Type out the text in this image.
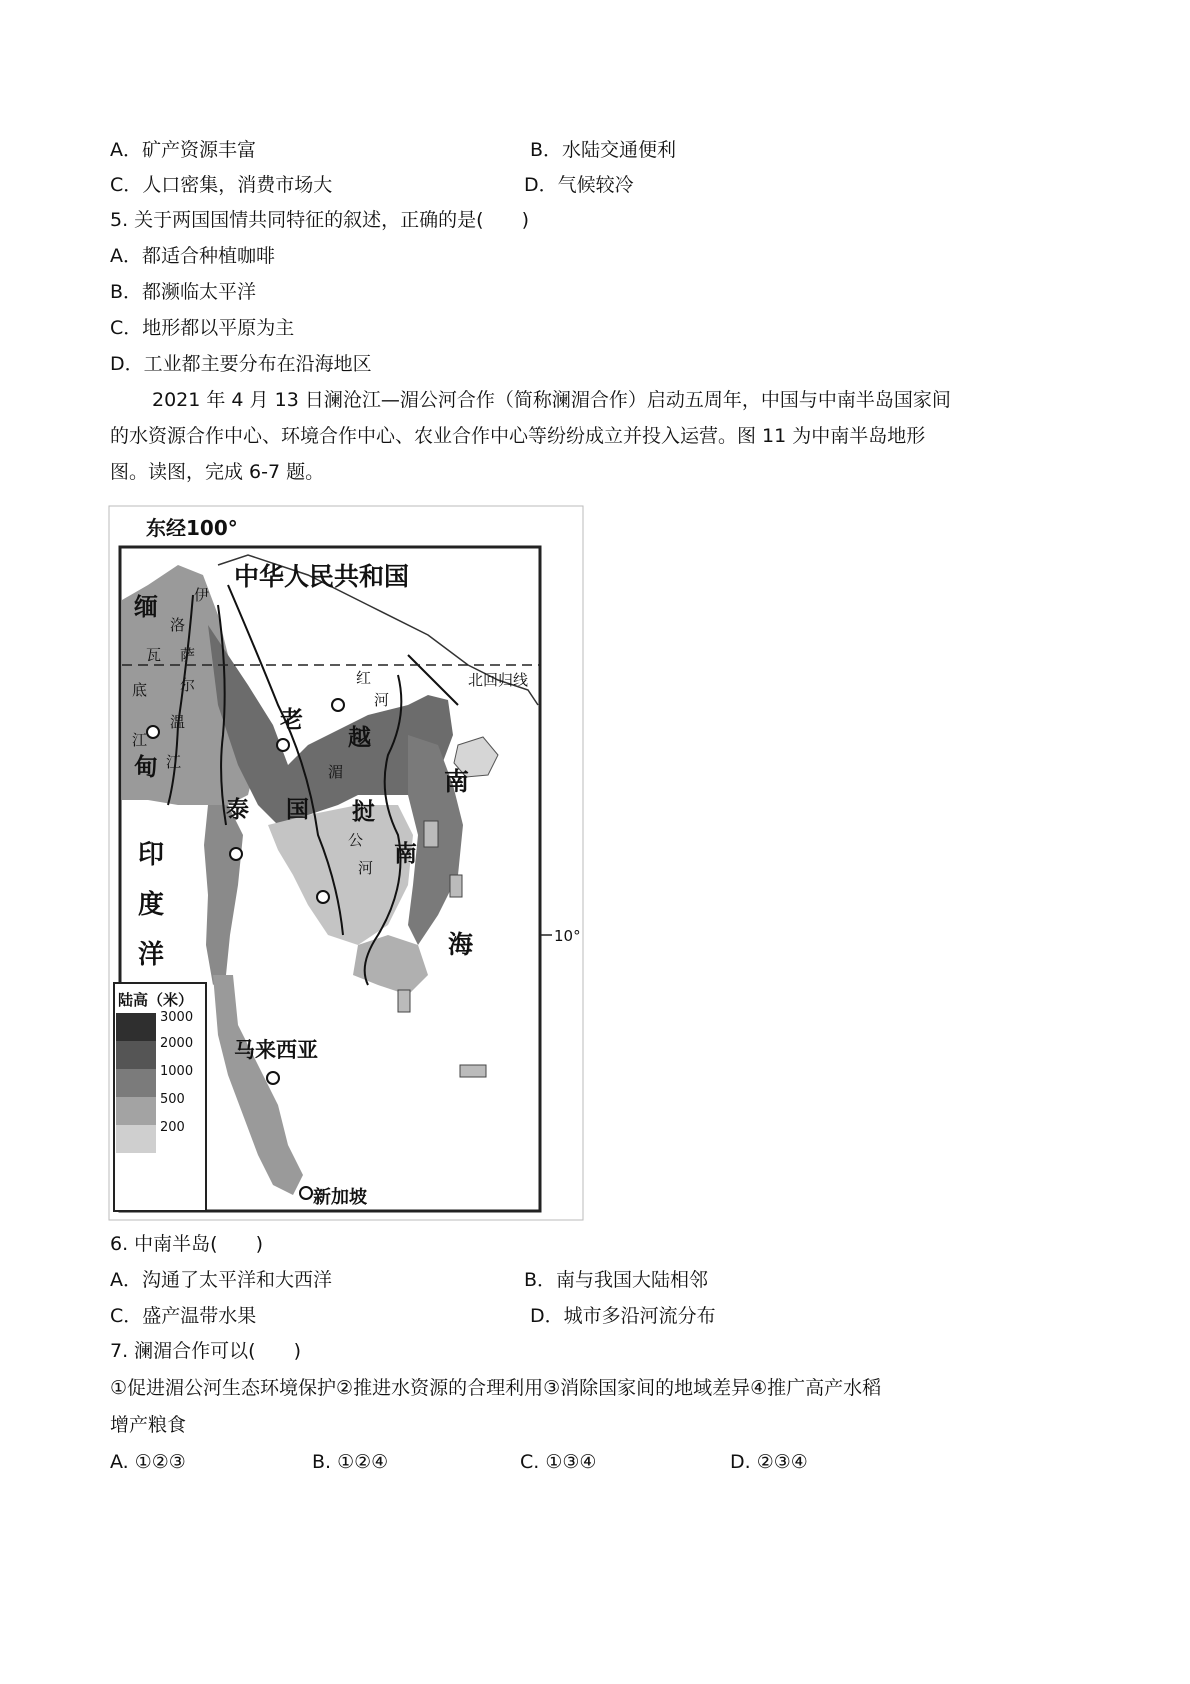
A．矿产资源丰富	B．水陆交通便利
C．人口密集，消费市场大	D．气候较冷
5. 关于两国国情共同特征的叙述，正确的是(　　)
A．都适合种植咖啡
B．都濒临太平洋
C．地形都以平原为主
D．工业都主要分布在沿海地区
2021 年 4 月 13 日澜沧江—湄公河合作（简称澜湄合作）启动五周年，中国与中南半岛国家间
的水资源合作中心、环境合作中心、农业合作中心等纷纷成立并投入运营。图 11 为中南半岛地形
图。读图，完成 6-7 题。
东经100°
北回归线
10°
中华人民共和国
缅
甸
伊
洛
瓦
底
江
萨
尔
温
江
老
挝
越
南
湄
公
河
红
河
泰 国
印
度
洋
南
海
马来西亚
新加坡
陆高（米）
3000
2000
1000
500
200
6. 中南半岛(　　)
A．沟通了太平洋和大西洋	B．南与我国大陆相邻
C．盛产温带水果	D．城市多沿河流分布
7. 澜湄合作可以(　　)
①促进湄公河生态环境保护②推进水资源的合理利用③消除国家间的地域差异④推广高产水稻
增产粮食
A. ①②③	B. ①②④	C. ①③④	D. ②③④
